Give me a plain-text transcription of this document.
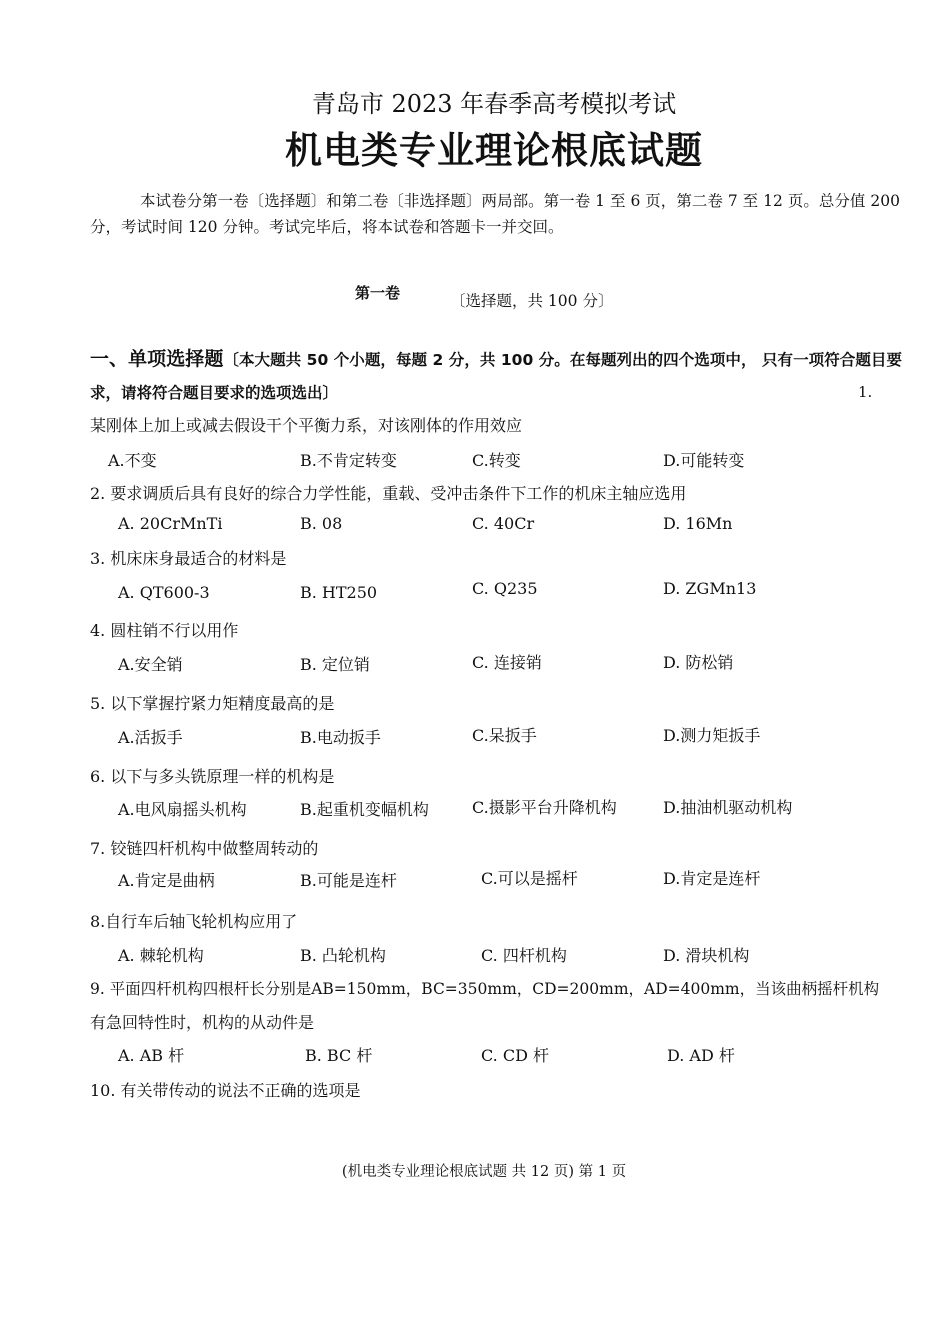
青岛市 2023 年春季高考模拟考试
机电类专业理论根底试题
本试卷分第一卷〔选择题〕和第二卷〔非选择题〕两局部。第一卷 1 至 6 页，第二卷 7 至 12 页。总分值 200 分，考试时间 120 分钟。考试完毕后，将本试卷和答题卡一并交回。
第一卷	〔选择题，共 100 分〕
一、单项选择题〔本大题共 50 个小题，每题 2 分，共 100 分。在每题列出的四个选项中， 只有一项符合题目要求，请将符合题目要求的选项选出〕	1.
某刚体上加上或减去假设干个平衡力系，对该刚体的作用效应
A.不变	B.不肯定转变	C.转变	D.可能转变
2. 要求调质后具有良好的综合力学性能，重载、受冲击条件下工作的机床主轴应选用
A. 20CrMnTi	B. 08	C. 40Cr	D. 16Mn
3. 机床床身最适合的材料是
A. QT600-3	B. HT250	C. Q235	D. ZGMn13
4. 圆柱销不行以用作
A.安全销	B. 定位销	C. 连接销	D. 防松销
5. 以下掌握拧紧力矩精度最高的是
A.活扳手	B.电动扳手	C.呆扳手	D.测力矩扳手
6. 以下与多头铣原理一样的机构是
A.电风扇摇头机构	B.起重机变幅机构	C.摄影平台升降机构	D.抽油机驱动机构
7. 铰链四杆机构中做整周转动的
A.肯定是曲柄	B.可能是连杆	C.可以是摇杆	D.肯定是连杆
8.自行车后轴飞轮机构应用了
A. 棘轮机构	B. 凸轮机构	C. 四杆机构	D. 滑块机构
9. 平面四杆机构四根杆长分别是AB=150mm，BC=350mm，CD=200mm，AD=400mm，当该曲柄摇杆机构
有急回特性时，机构的从动件是
A. AB 杆	B. BC 杆	C. CD 杆	D. AD 杆
10. 有关带传动的说法不正确的选项是
(机电类专业理论根底试题 共 12 页) 第 1 页
